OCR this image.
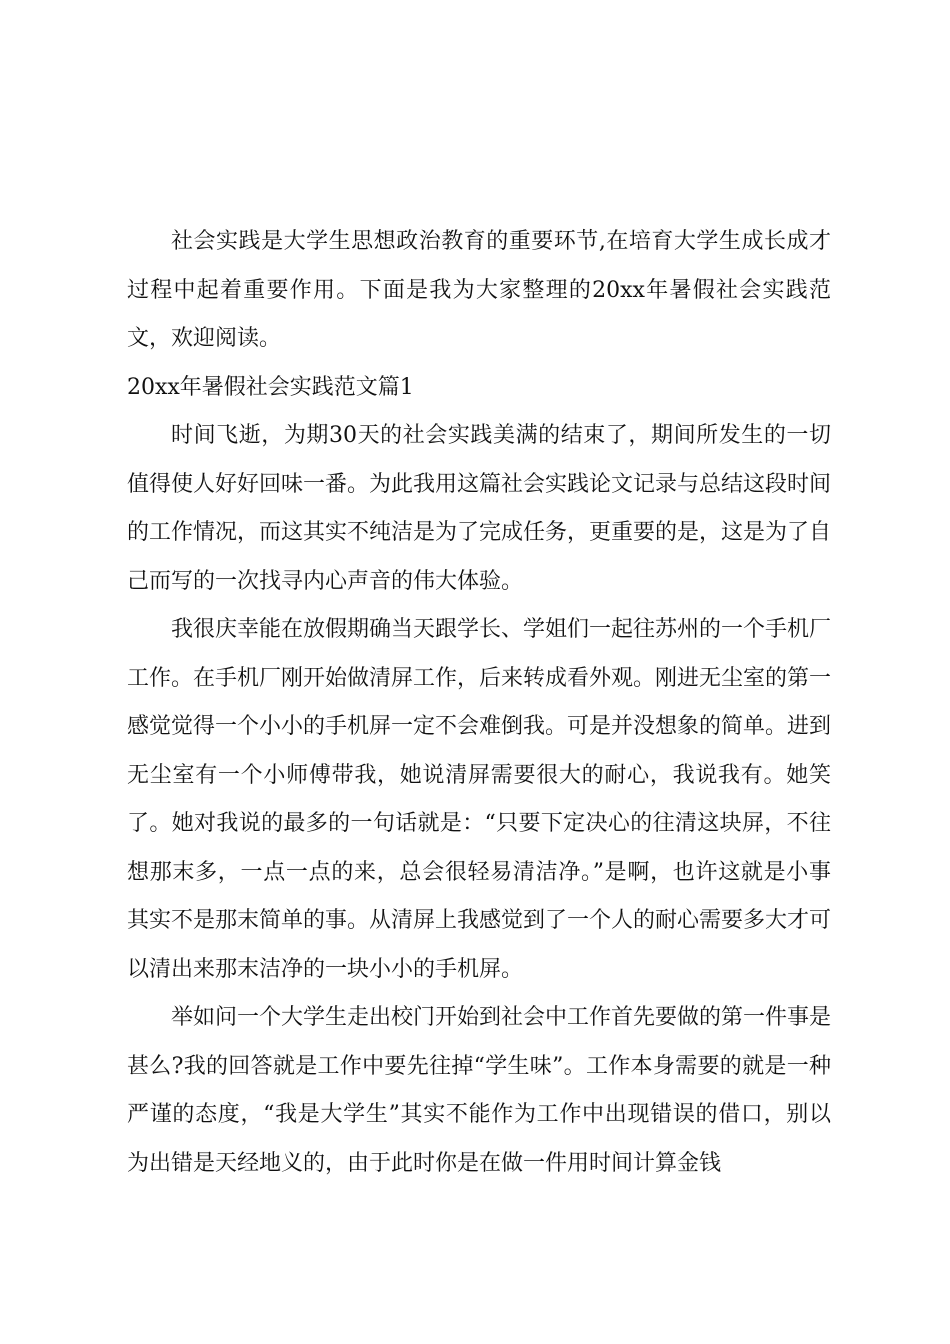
社会实践是大学生思想政治教育的重要环节,在培育大学生成长成才过程中起着重要作用。下面是我为大家整理的20xx年暑假社会实践范文，欢迎阅读。

20xx年暑假社会实践范文篇1

时间飞逝，为期30天的社会实践美满的结束了，期间所发生的一切值得使人好好回味一番。为此我用这篇社会实践论文记录与总结这段时间的工作情况，而这其实不纯洁是为了完成任务，更重要的是，这是为了自己而写的一次找寻内心声音的伟大体验。

我很庆幸能在放假期确当天跟学长、学姐们一起往苏州的一个手机厂工作。在手机厂刚开始做清屏工作，后来转成看外观。刚进无尘室的第一感觉觉得一个小小的手机屏一定不会难倒我。可是并没想象的简单。进到无尘室有一个小师傅带我，她说清屏需要很大的耐心，我说我有。她笑了。她对我说的最多的一句话就是：“只要下定决心的往清这块屏，不往想那末多，一点一点的来，总会很轻易清洁净。”是啊，也许这就是小事其实不是那末简单的事。从清屏上我感觉到了一个人的耐心需要多大才可以清出来那末洁净的一块小小的手机屏。

举如问一个大学生走出校门开始到社会中工作首先要做的第一件事是甚么?我的回答就是工作中要先往掉“学生味”。工作本身需要的就是一种严谨的态度，“我是大学生”其实不能作为工作中出现错误的借口，别以为出错是天经地义的，由于此时你是在做一件用时间计算金钱
